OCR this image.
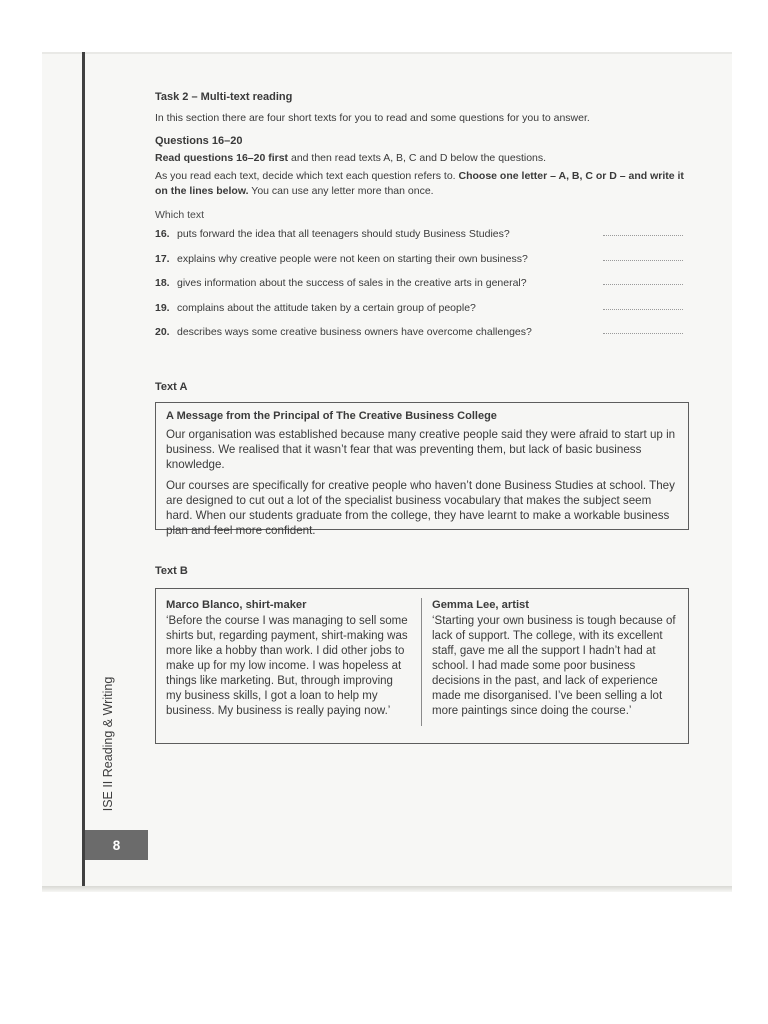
ISE II Reading & Writing
8

Task 2 – Multi-text reading

In this section there are four short texts for you to read and some questions for you to answer.

Questions 16–20

Read questions 16–20 first and then read texts A, B, C and D below the questions.

As you read each text, decide which text each question refers to. Choose one letter – A, B, C or D – and write it on the lines below. You can use any letter more than once.

Which text

16. puts forward the idea that all teenagers should study Business Studies?
17. explains why creative people were not keen on starting their own business?
18. gives information about the success of sales in the creative arts in general?
19. complains about the attitude taken by a certain group of people?
20. describes ways some creative business owners have overcome challenges?

Text A

A Message from the Principal of The Creative Business College

Our organisation was established because many creative people said they were afraid to start up in business. We realised that it wasn’t fear that was preventing them, but lack of basic business knowledge.

Our courses are specifically for creative people who haven’t done Business Studies at school. They are designed to cut out a lot of the specialist business vocabulary that makes the subject seem hard. When our students graduate from the college, they have learnt to make a workable business plan and feel more confident.

Text B

Marco Blanco, shirt-maker

‘Before the course I was managing to sell some shirts but, regarding payment, shirt-making was more like a hobby than work. I did other jobs to make up for my low income. I was hopeless at things like marketing. But, through improving my business skills, I got a loan to help my business. My business is really paying now.’

Gemma Lee, artist

‘Starting your own business is tough because of lack of support. The college, with its excellent staff, gave me all the support I hadn’t had at school. I had made some poor business decisions in the past, and lack of experience made me disorganised. I’ve been selling a lot more paintings since doing the course.’
